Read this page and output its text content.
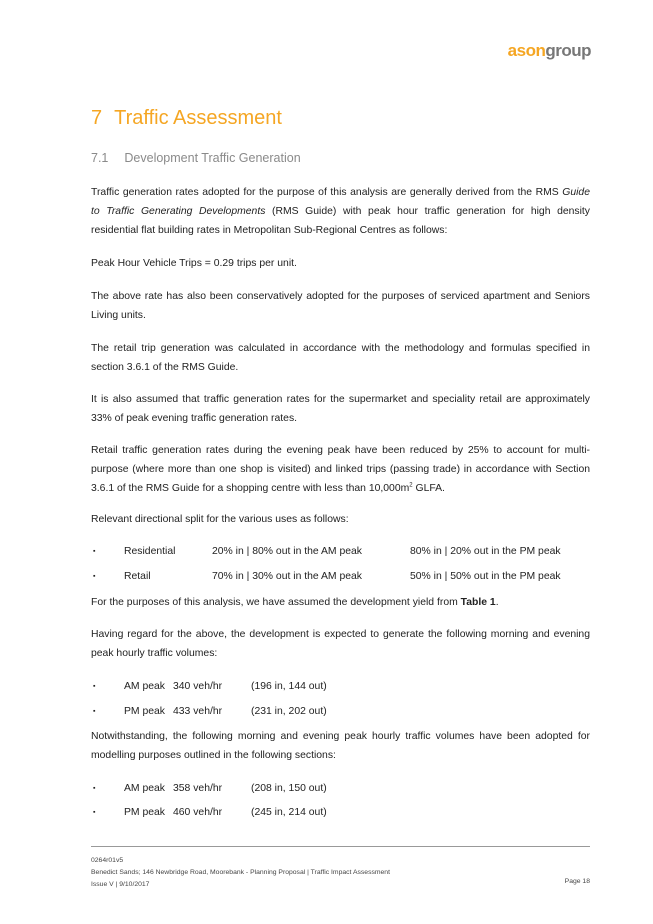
asongroup
7 Traffic Assessment
7.1 Development Traffic Generation

Traffic generation rates adopted for the purpose of this analysis are generally derived from the RMS Guide to Traffic Generating Developments (RMS Guide) with peak hour traffic generation for high density residential flat building rates in Metropolitan Sub-Regional Centres as follows:

Peak Hour Vehicle Trips = 0.29 trips per unit.

The above rate has also been conservatively adopted for the purposes of serviced apartment and Seniors Living units.

The retail trip generation was calculated in accordance with the methodology and formulas specified in section 3.6.1 of the RMS Guide.

It is also assumed that traffic generation rates for the supermarket and speciality retail are approximately 33% of peak evening traffic generation rates.

Retail traffic generation rates during the evening peak have been reduced by 25% to account for multi-purpose (where more than one shop is visited) and linked trips (passing trade) in accordance with Section 3.6.1 of the RMS Guide for a shopping centre with less than $10,000m^2$ GLFA.

Relevant directional split for the various uses as follows:

▪	Residential	20% in | 80% out in the AM peak	80% in | 20% out in the PM peak
▪	Retail	70% in | 30% out in the AM peak	50% in | 50% out in the PM peak

For the purposes of this analysis, we have assumed the development yield from Table 1.

Having regard for the above, the development is expected to generate the following morning and evening peak hourly traffic volumes:

▪	AM peak 340 veh/hr	(196 in, 144 out)
▪	PM peak 433 veh/hr	(231 in, 202 out)

Notwithstanding, the following morning and evening peak hourly traffic volumes have been adopted for modelling purposes outlined in the following sections:

▪	AM peak 358 veh/hr	(208 in, 150 out)
▪	PM peak 460 veh/hr	(245 in, 214 out)
0264r01v5
Benedict Sands; 146 Newbridge Road, Moorebank - Planning Proposal | Traffic Impact Assessment
Issue V | 9/10/2017	Page 18
